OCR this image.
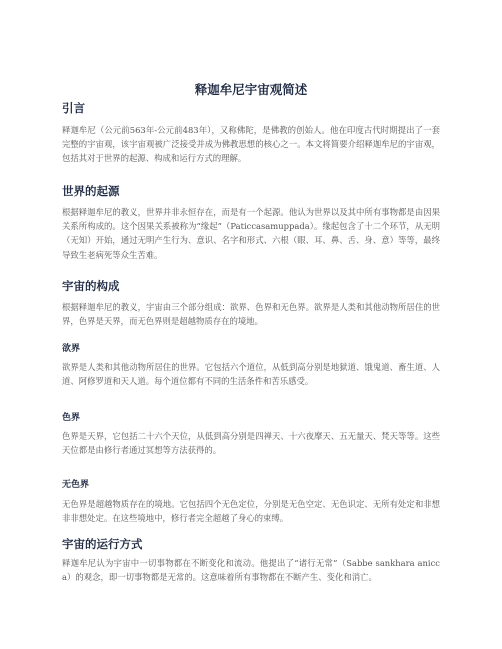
释迦牟尼宇宙观简述
引言

释迦牟尼（公元前563年-公元前483年），又称佛陀，是佛教的创始人。他在印度古代时期提出了一套完整的宇宙观，该宇宙观被广泛接受并成为佛教思想的核心之一。本文将简要介绍释迦牟尼的宇宙观，包括其对于世界的起源、构成和运行方式的理解。

世界的起源

根据释迦牟尼的教义，世界并非永恒存在，而是有一个起源。他认为世界以及其中所有事物都是由因果关系所构成的。这个因果关系被称为“缘起”（Paticcasamuppada）。缘起包含了十二个环节，从无明（无知）开始，通过无明产生行为、意识、名字和形式、六根（眼、耳、鼻、舌、身、意）等等，最终导致生老病死等众生苦难。

宇宙的构成

根据释迦牟尼的教义，宇宙由三个部分组成：欲界、色界和无色界。欲界是人类和其他动物所居住的世界，色界是天界，而无色界则是超越物质存在的境地。

欲界

欲界是人类和其他动物所居住的世界。它包括六个道位，从低到高分别是地狱道、饿鬼道、畜生道、人道、阿修罗道和天人道。每个道位都有不同的生活条件和苦乐感受。

色界

色界是天界，它包括二十六个天位，从低到高分别是四禅天、十六夜摩天、五无量天、梵天等等。这些天位都是由修行者通过冥想等方法获得的。

无色界

无色界是超越物质存在的境地。它包括四个无色定位，分别是无色空定、无色识定、无所有处定和非想非非想处定。在这些境地中，修行者完全超越了身心的束缚。

宇宙的运行方式

释迦牟尼认为宇宙中一切事物都在不断变化和流动。他提出了“诸行无常”（Sabbe sankhara anicca）的观念，即一切事物都是无常的。这意味着所有事物都在不断产生、变化和消亡。
